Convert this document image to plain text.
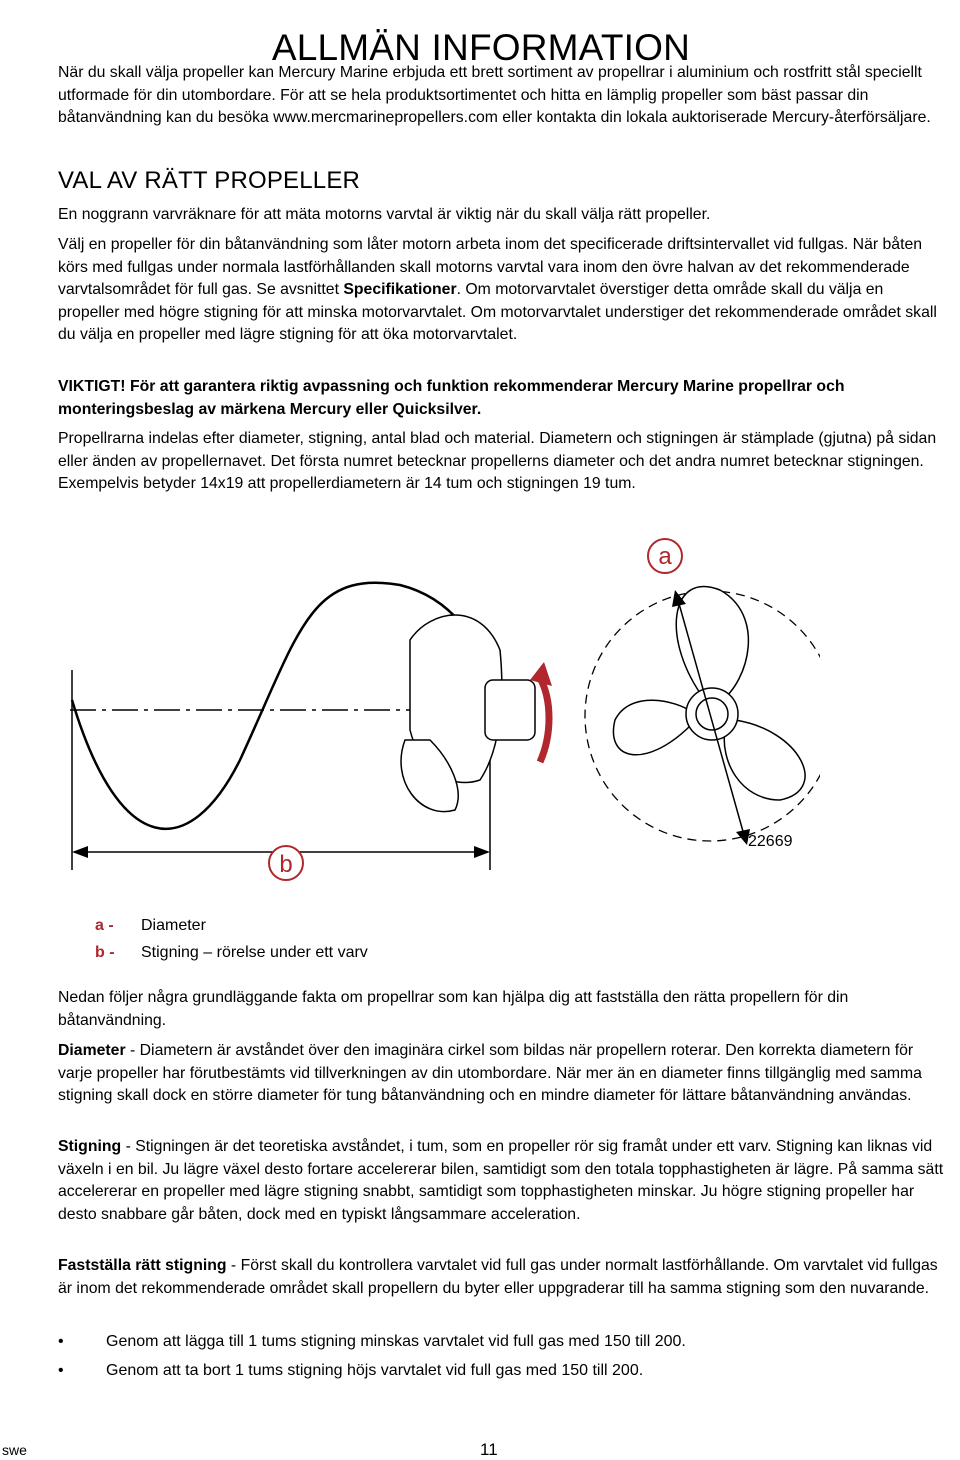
ALLMÄN INFORMATION

När du skall välja propeller kan Mercury Marine erbjuda ett brett sortiment av propellrar i aluminium och rostfritt stål speciellt utformade för din utombordare. För att se hela produktsortimentet och hitta en lämplig propeller som bäst passar din båtanvändning kan du besöka www.mercmarinepropellers.com eller kontakta din lokala auktoriserade Mercury-återförsäljare.

VAL AV RÄTT PROPELLER

En noggrann varvräknare för att mäta motorns varvtal är viktig när du skall välja rätt propeller.

Välj en propeller för din båtanvändning som låter motorn arbeta inom det specificerade driftsintervallet vid fullgas. När båten körs med fullgas under normala lastförhållanden skall motorns varvtal vara inom den övre halvan av det rekommenderade varvtalsområdet för full gas. Se avsnittet Specifikationer. Om motorvarvtalet överstiger detta område skall du välja en propeller med högre stigning för att minska motorvarvtalet. Om motorvarvtalet understiger det rekommenderade området skall du välja en propeller med lägre stigning för att öka motorvarvtalet.

VIKTIGT! För att garantera riktig avpassning och funktion rekommenderar Mercury Marine propellrar och monteringsbeslag av märkena Mercury eller Quicksilver.

Propellrarna indelas efter diameter, stigning, antal blad och material. Diametern och stigningen är stämplade (gjutna) på sidan eller änden av propellernavet. Det första numret betecknar propellerns diameter och det andra numret betecknar stigningen. Exempelvis betyder 14x19 att propellerdiametern är 14 tum och stigningen 19 tum.

a
b
22669
a -	Diameter
b -	Stigning – rörelse under ett varv

Nedan följer några grundläggande fakta om propellrar som kan hjälpa dig att fastställa den rätta propellern för din båtanvändning.

Diameter - Diametern är avståndet över den imaginära cirkel som bildas när propellern roterar. Den korrekta diametern för varje propeller har förutbestämts vid tillverkningen av din utombordare. När mer än en diameter finns tillgänglig med samma stigning skall dock en större diameter för tung båtanvändning och en mindre diameter för lättare båtanvändning användas.

Stigning - Stigningen är det teoretiska avståndet, i tum, som en propeller rör sig framåt under ett varv. Stigning kan liknas vid växeln i en bil. Ju lägre växel desto fortare accelererar bilen, samtidigt som den totala topphastigheten är lägre. På samma sätt accelererar en propeller med lägre stigning snabbt, samtidigt som topphastigheten minskar. Ju högre stigning propeller har desto snabbare går båten, dock med en typiskt långsammare acceleration.

Fastställa rätt stigning - Först skall du kontrollera varvtalet vid full gas under normalt lastförhållande. Om varvtalet vid fullgas är inom det rekommenderade området skall propellern du byter eller uppgraderar till ha samma stigning som den nuvarande.

•	Genom att lägga till 1 tums stigning minskas varvtalet vid full gas med 150 till 200.
•	Genom att ta bort 1 tums stigning höjs varvtalet vid full gas med 150 till 200.
swe	11
